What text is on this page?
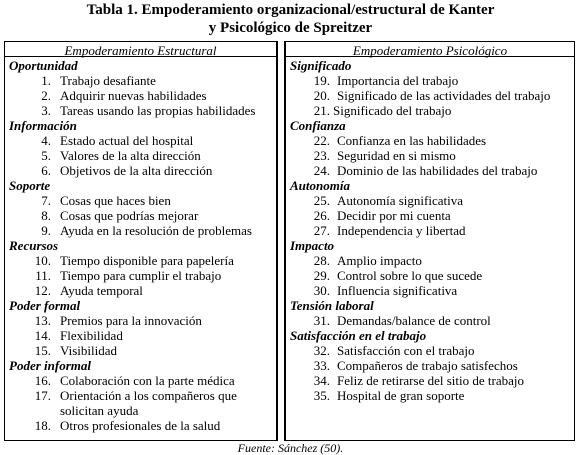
Tabla 1. Empoderamiento organizacional/estructural de Kanter
y Psicológico de Spreitzer
Empoderamiento Estructural
Oportunidad
1. Trabajo desafiante
2. Adquirir nuevas habilidades
3. Tareas usando las propias habilidades
Información
4. Estado actual del hospital
5. Valores de la alta dirección
6. Objetivos de la alta dirección
Soporte
7. Cosas que haces bien
8. Cosas que podrías mejorar
9. Ayuda en la resolución de problemas
Recursos
10. Tiempo disponible para papelería
11. Tiempo para cumplir el trabajo
12. Ayuda temporal
Poder formal
13. Premios para la innovación
14. Flexibilidad
15. Visibilidad
Poder informal
16. Colaboración con la parte médica
17. Orientación a los compañeros que
solicitan ayuda
18. Otros profesionales de la salud
Empoderamiento Psicológico
Significado
19. Importancia del trabajo
20. Significado de las actividades del trabajo
21. Significado del trabajo
Confianza
22. Confianza en las habilidades
23. Seguridad en si mismo
24. Dominio de las habilidades del trabajo
Autonomía
25. Autonomía significativa
26. Decidir por mi cuenta
27. Independencia y libertad
Impacto
28. Amplio impacto
29. Control sobre lo que sucede
30. Influencia significativa
Tensión laboral
31. Demandas/balance de control
Satisfacción en el trabajo
32. Satisfacción con el trabajo
33. Compañeros de trabajo satisfechos
34. Feliz de retirarse del sitio de trabajo
35. Hospital de gran soporte
Fuente: Sánchez (50).
